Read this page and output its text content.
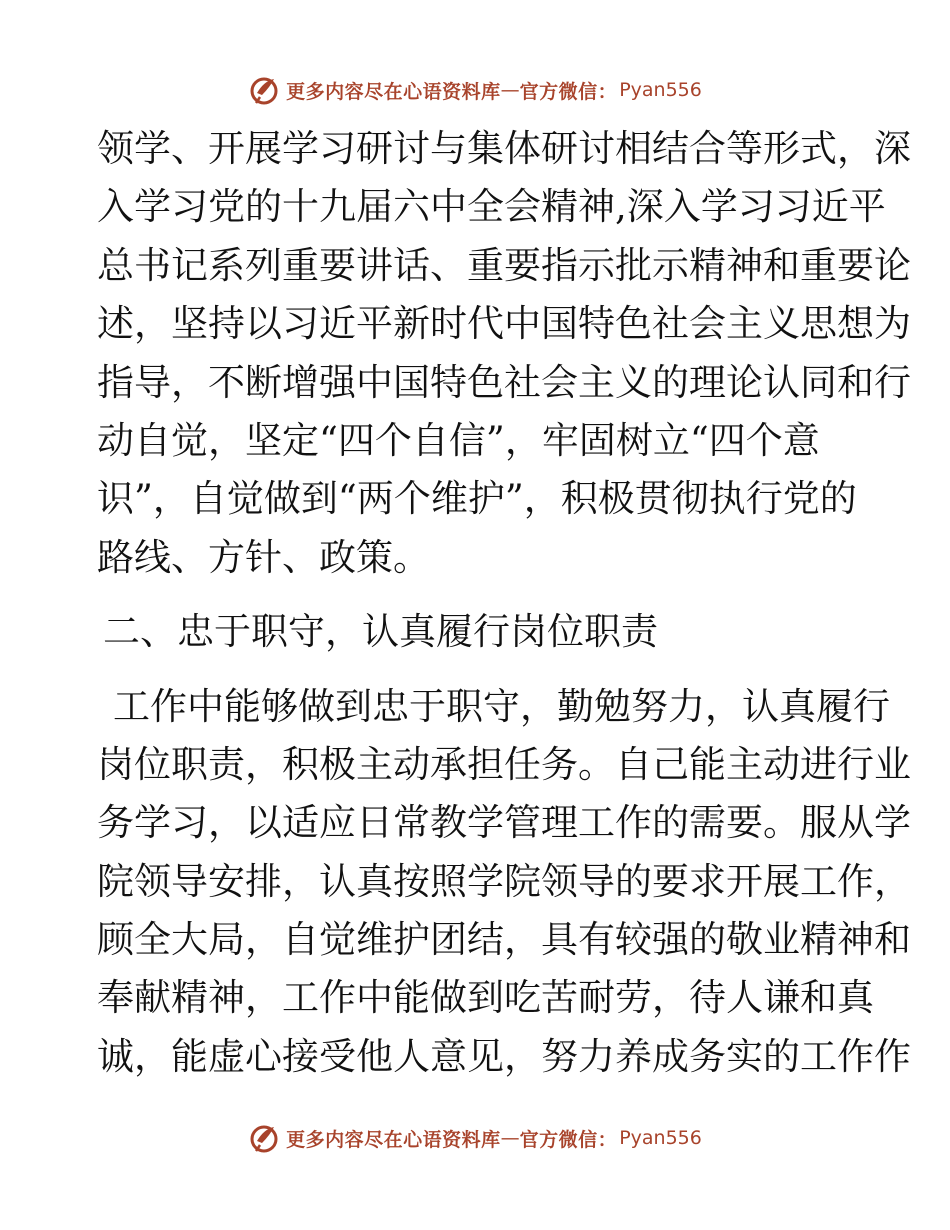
更多内容尽在心语资料库 — 官方微信： Pyan556
领学、开展学习研讨与集体研讨相结合等形式，深
入学习党的十九届六中全会精神,深入学习习近平
总书记系列重要讲话、重要指示批示精神和重要论
述，坚持以习近平新时代中国特色社会主义思想为
指导，不断增强中国特色社会主义的理论认同和行
动自觉，坚定“四个自信”，牢固树立“四个意
识”，自觉做到“两个维护”，积极贯彻执行党的
路线、方针、政策。
二、忠于职守，认真履行岗位职责
工作中能够做到忠于职守，勤勉努力，认真履行
岗位职责，积极主动承担任务。自己能主动进行业
务学习，以适应日常教学管理工作的需要。服从学
院领导安排，认真按照学院领导的要求开展工作，
顾全大局，自觉维护团结，具有较强的敬业精神和
奉献精神，工作中能做到吃苦耐劳，待人谦和真
诚，能虚心接受他人意见，努力养成务实的工作作
更多内容尽在心语资料库 — 官方微信： Pyan556
